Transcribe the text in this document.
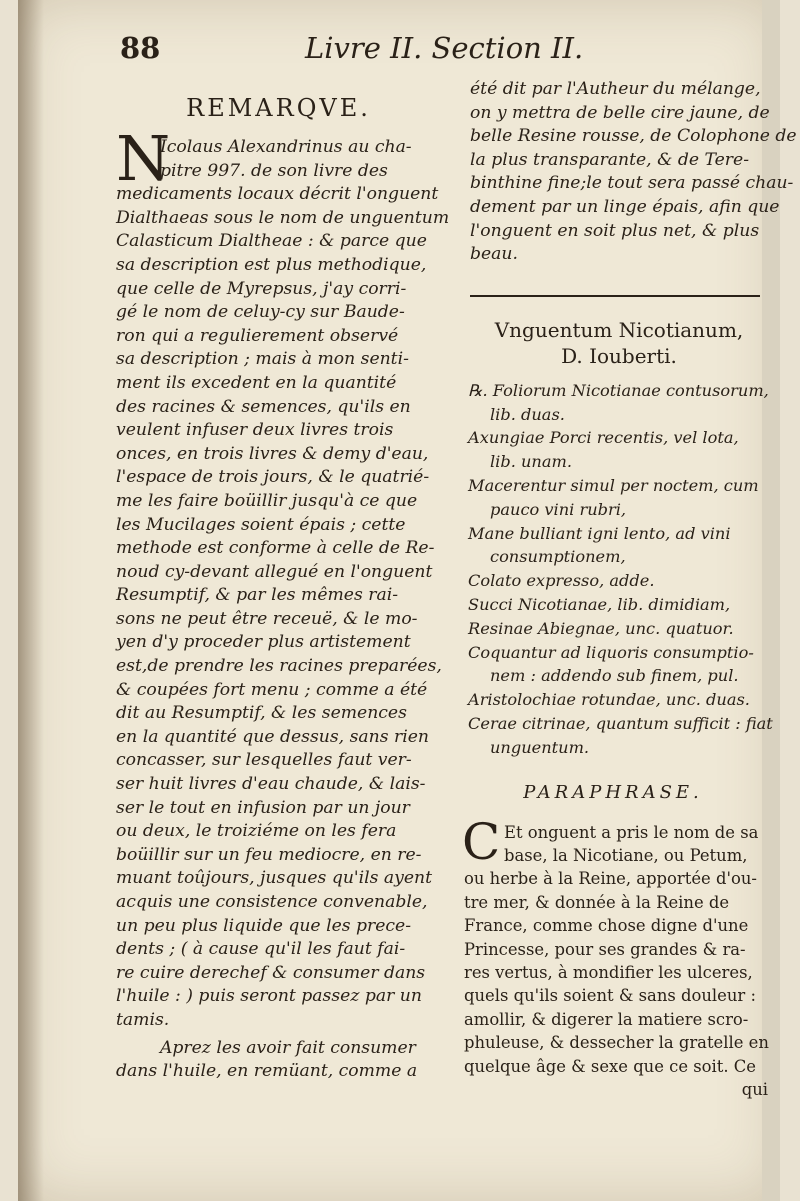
88	Livre II. Section II.
REMARQVE.
N
Icolaus Alexandrinus au cha-
pitre 997. de son livre des
medicaments locaux décrit l'onguent
Dialthaeas sous le nom de unguentum
Calasticum Dialtheae : & parce que
sa description est plus methodique,
que celle de Myrepsus, j'ay corri-
gé le nom de celuy-cy sur Baude-
ron qui a regulierement observé
sa description ; mais à mon senti-
ment ils excedent en la quantité
des racines & semences, qu'ils en
veulent infuser deux livres trois
onces, en trois livres & demy d'eau,
l'espace de trois jours, & le quatrié-
me les faire boüillir jusqu'à ce que
les Mucilages soient épais ; cette
methode est conforme à celle de Re-
noud cy-devant allegué en l'onguent
Resumptif, & par les mêmes rai-
sons ne peut être receuë, & le mo-
yen d'y proceder plus artistement
est,de prendre les racines preparées,
& coupées fort menu ; comme a été
dit au Resumptif, & les semences
en la quantité que dessus, sans rien
concasser, sur lesquelles faut ver-
ser huit livres d'eau chaude, & lais-
ser le tout en infusion par un jour
ou deux, le troiziéme on les fera
boüillir sur un feu mediocre, en re-
muant toûjours, jusques qu'ils ayent
acquis une consistence convenable,
un peu plus liquide que les prece-
dents ; ( à cause qu'il les faut fai-
re cuire derechef & consumer dans
l'huile : ) puis seront passez par un
tamis.
Aprez les avoir fait consumer
dans l'huile, en remüant, comme a
été dit par l'Autheur du mélange,
on y mettra de belle cire jaune, de
belle Resine rousse, de Colophone de
la plus transparante, & de Tere-
binthine fine;le tout sera passé chau-
dement par un linge épais, afin que
l'onguent en soit plus net, & plus
beau.
Vnguentum Nicotianum,
D. Iouberti.
℞. Foliorum Nicotianae contusorum,
lib. duas.
Axungiae Porci recentis, vel lota,
lib. unam.
Macerentur simul per noctem, cum
pauco vini rubri,
Mane bulliant igni lento, ad vini
consumptionem,
Colato expresso, adde.
Succi Nicotianae, lib. dimidiam,
Resinae Abiegnae, unc. quatuor.
Coquantur ad liquoris consumptio-
nem : addendo sub finem, pul.
Aristolochiae rotundae, unc. duas.
Cerae citrinae, quantum sufficit : fiat
unguentum.
PARAPHRASE.
C Et onguent a pris le nom de sa
base, la Nicotiane, ou Petum,
ou herbe à la Reine, apportée d'ou-
tre mer, & donnée à la Reine de
France, comme chose digne d'une
Princesse, pour ses grandes & ra-
res vertus, à mondifier les ulceres,
quels qu'ils soient & sans douleur :
amollir, & digerer la matiere scro-
phuleuse, & dessecher la gratelle en
quelque âge & sexe que ce soit. Ce
qui
